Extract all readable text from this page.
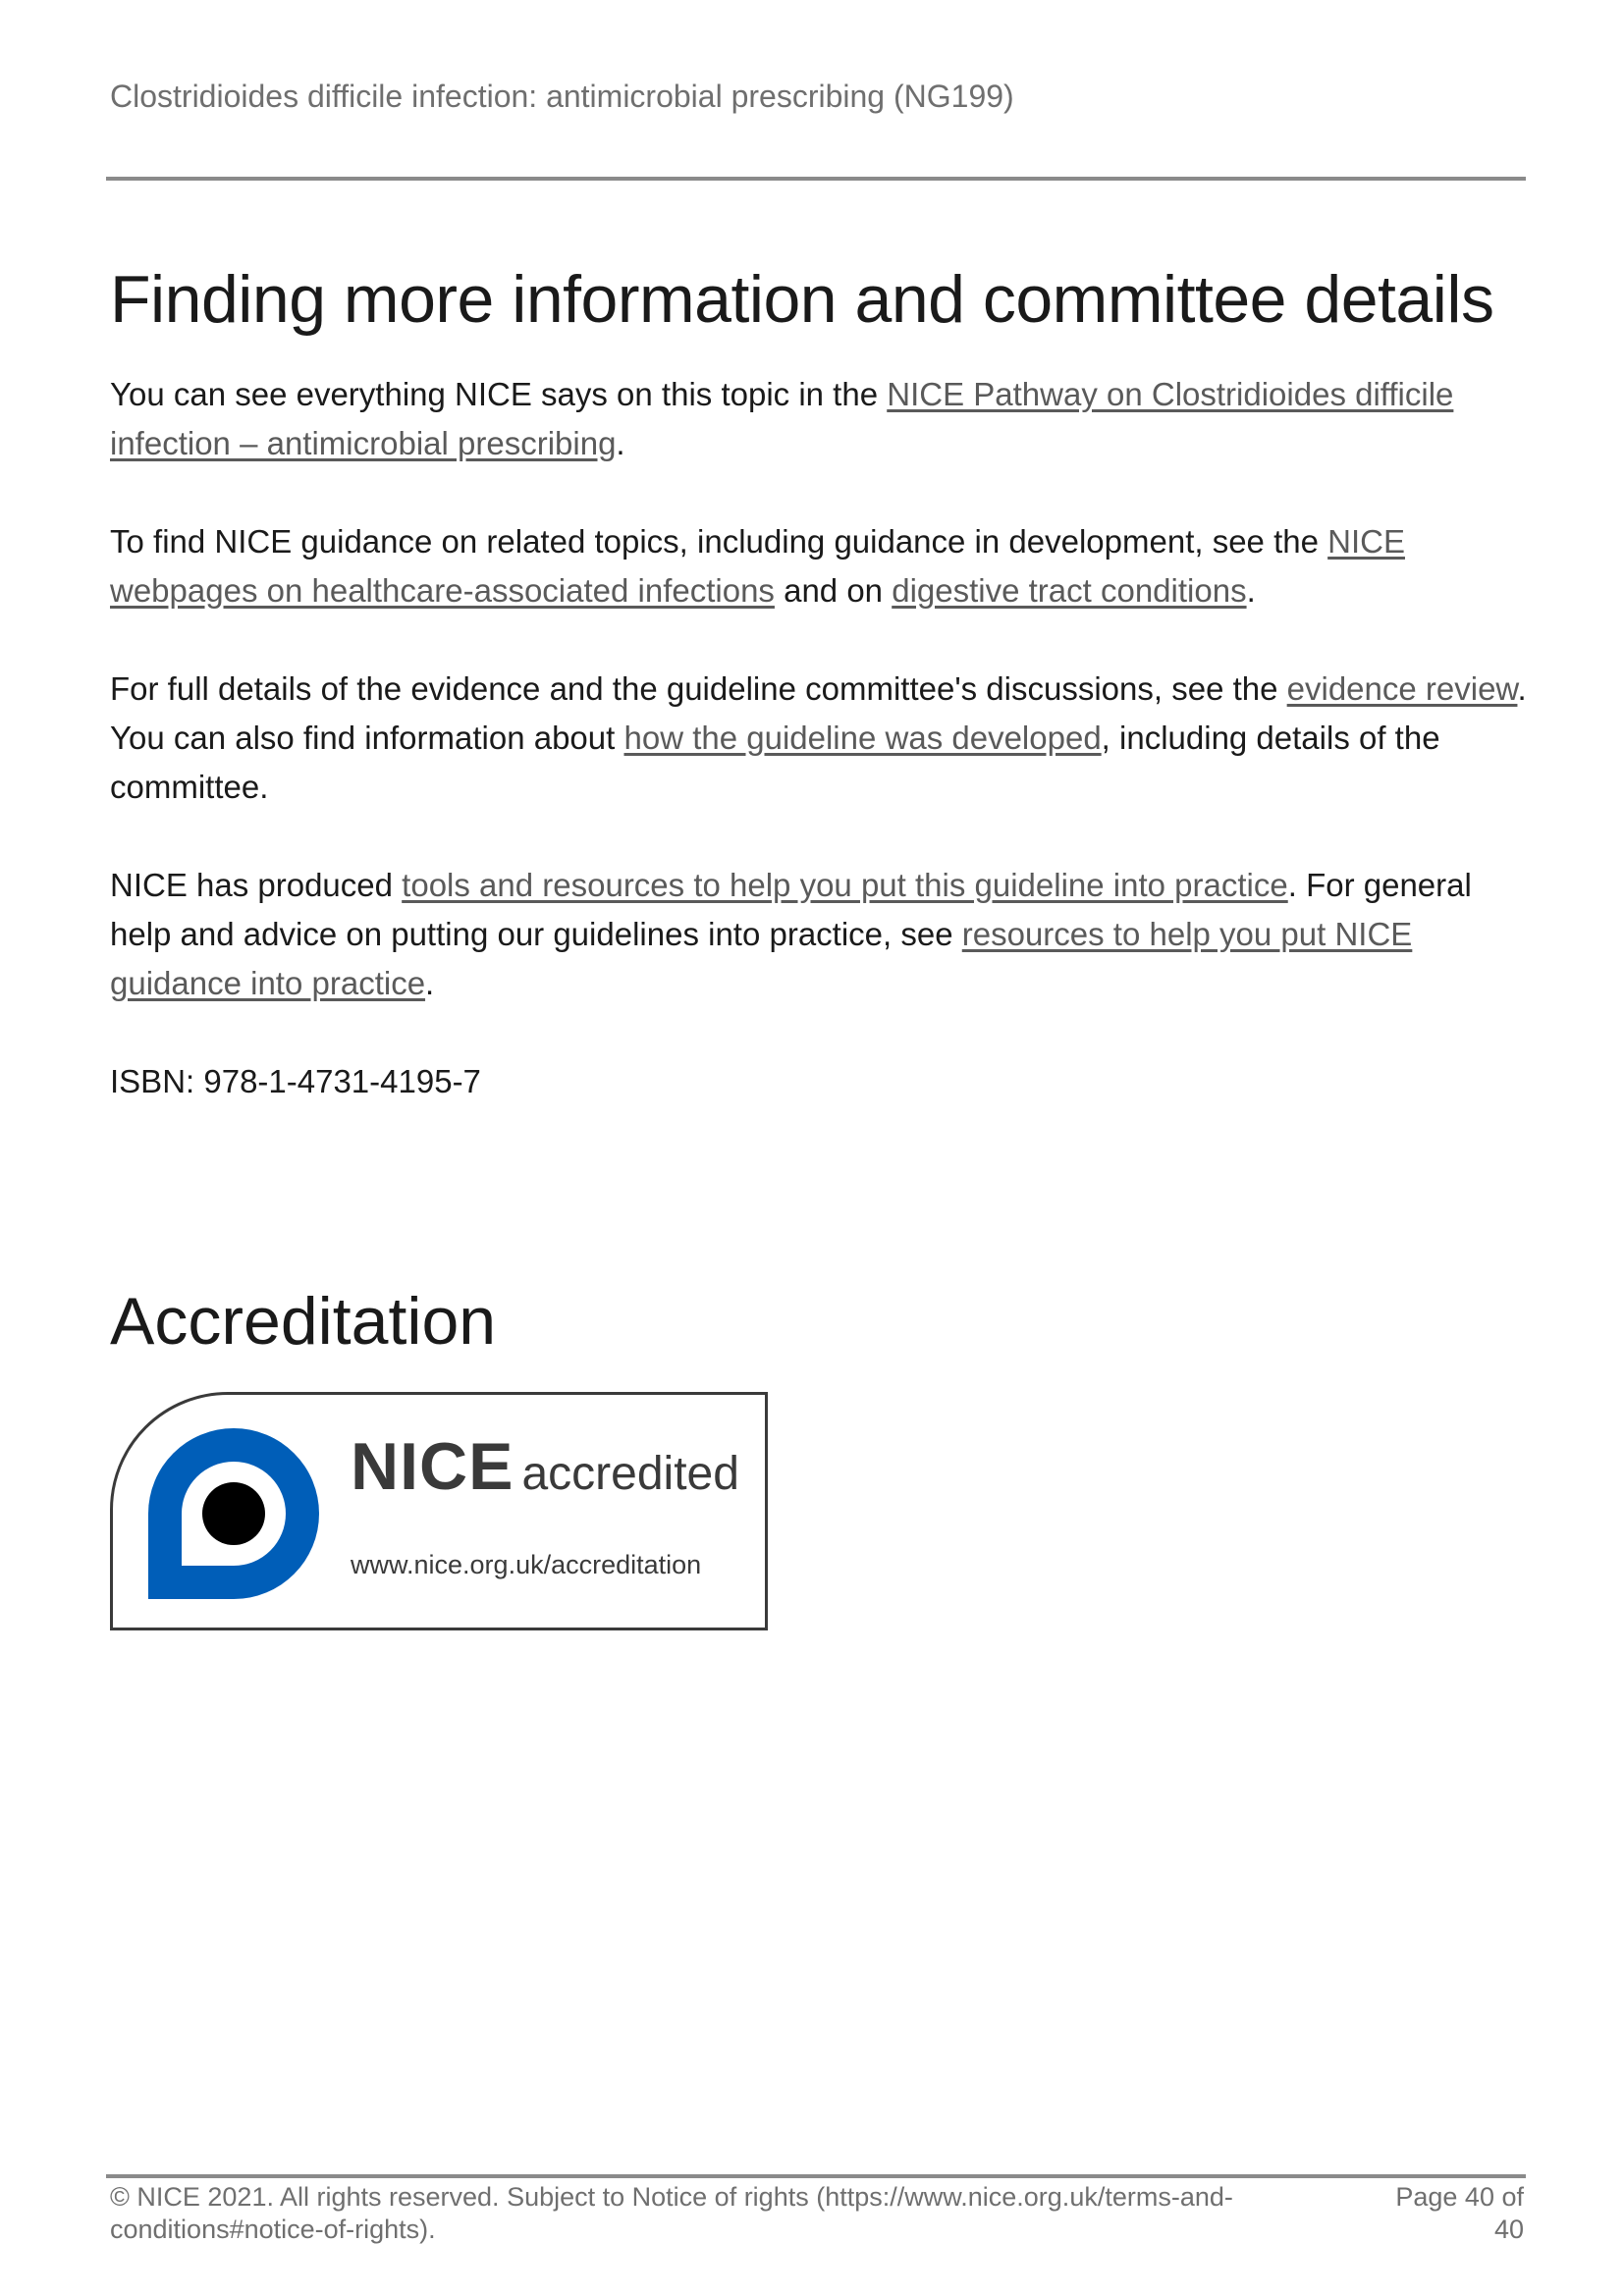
Clostridioides difficile infection: antimicrobial prescribing (NG199)
Finding more information and committee details

You can see everything NICE says on this topic in the NICE Pathway on Clostridioides difficile infection – antimicrobial prescribing.

To find NICE guidance on related topics, including guidance in development, see the NICE webpages on healthcare-associated infections and on digestive tract conditions.

For full details of the evidence and the guideline committee's discussions, see the evidence review. You can also find information about how the guideline was developed, including details of the committee.

NICE has produced tools and resources to help you put this guideline into practice. For general help and advice on putting our guidelines into practice, see resources to help you put NICE guidance into practice.

ISBN: 978-1-4731-4195-7

Accreditation
NICE accredited
www.nice.org.uk/accreditation
© NICE 2021. All rights reserved. Subject to Notice of rights (https://www.nice.org.uk/terms-and-conditions#notice-of-rights).
Page 40 of 40
